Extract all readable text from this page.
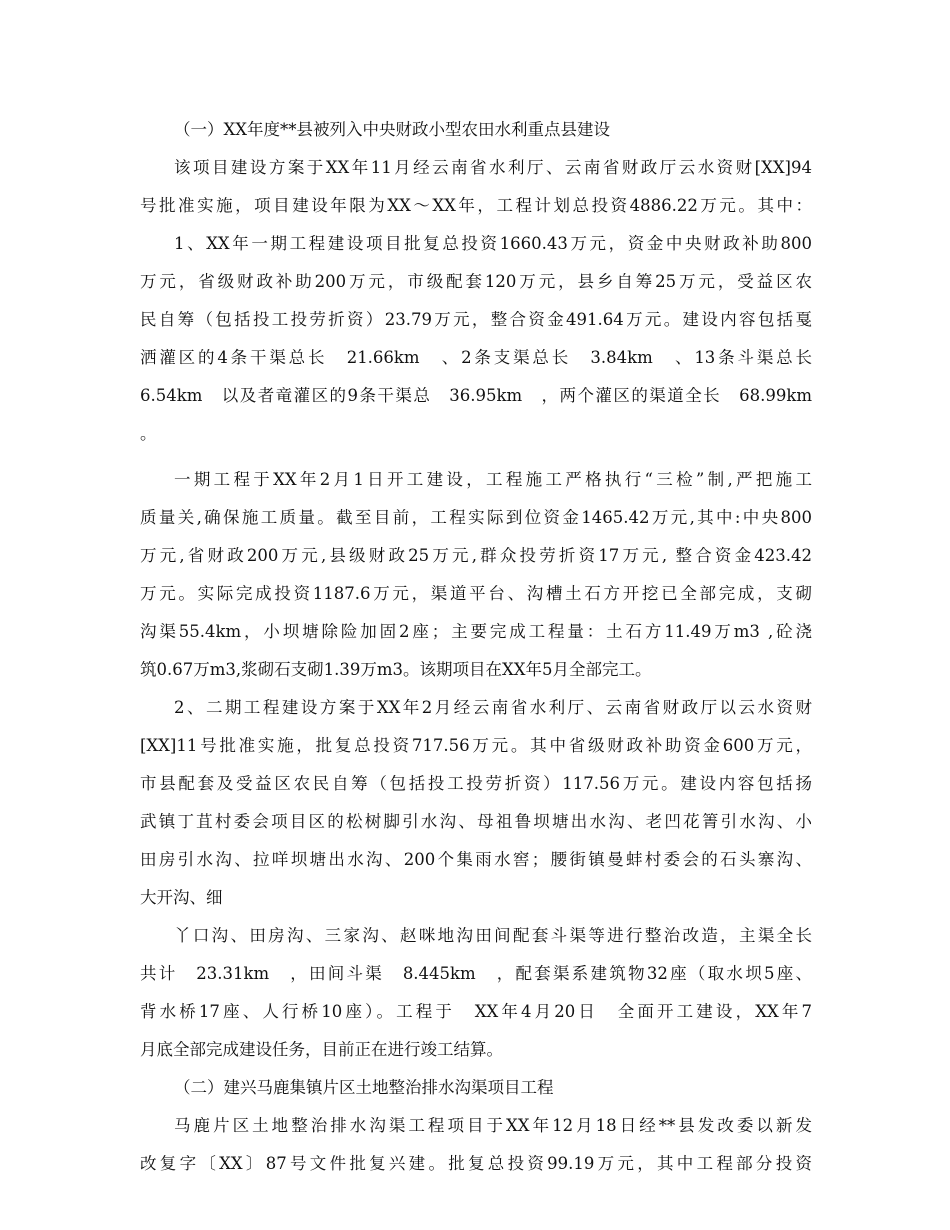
（一）XX年度**县被列入中央财政小型农田水利重点县建设
该项目建设方案于XX年11月经云南省水利厅、云南省财政厅云水资财[XX]94
号批准实施，项目建设年限为XX～XX年，工程计划总投资4886.22万元。其中：
1、XX年一期工程建设项目批复总投资1660.43万元，资金中央财政补助800
万元，省级财政补助200万元，市级配套120万元，县乡自筹25万元，受益区农
民自筹（包括投工投劳折资）23.79万元，整合资金491.64万元。建设内容包括戛
洒灌区的4条干渠总长　21.66km　、2条支渠总长　3.84km　、13条斗渠总长
6.54km　以及者竜灌区的9条干渠总　36.95km　，两个灌区的渠道全长　68.99km
。
一期工程于XX年2月1日开工建设，工程施工严格执行“三检”制,严把施工
质量关,确保施工质量。截至目前，工程实际到位资金1465.42万元,其中:中央800
万元,省财政200万元,县级财政25万元,群众投劳折资17万元, 整合资金423.42
万元。实际完成投资1187.6万元，渠道平台、沟槽土石方开挖已全部完成，支砌
沟渠55.4km，小坝塘除险加固2座；主要完成工程量：土石方11.49万m3 ,砼浇
筑0.67万m3,浆砌石支砌1.39万m3。该期项目在XX年5月全部完工。
2、二期工程建设方案于XX年2月经云南省水利厅、云南省财政厅以云水资财
[XX]11号批准实施，批复总投资717.56万元。其中省级财政补助资金600万元，
市县配套及受益区农民自筹（包括投工投劳折资）117.56万元。建设内容包括扬
武镇丁苴村委会项目区的松树脚引水沟、母祖鲁坝塘出水沟、老凹花箐引水沟、小
田房引水沟、拉咩坝塘出水沟、200个集雨水窖；腰街镇曼蚌村委会的石头寨沟、
大开沟、细
丫口沟、田房沟、三家沟、赵咪地沟田间配套斗渠等进行整治改造，主渠全长
共计　23.31km　，田间斗渠　8.445km　，配套渠系建筑物32座（取水坝5座、
背水桥17座、人行桥10座）。工程于　XX年4月20日　全面开工建设，XX年7
月底全部完成建设任务，目前正在进行竣工结算。
（二）建兴马鹿集镇片区土地整治排水沟渠项目工程
马鹿片区土地整治排水沟渠工程项目于XX年12月18日经**县发改委以新发
改复字〔XX〕87号文件批复兴建。批复总投资99.19万元，其中工程部分投资
